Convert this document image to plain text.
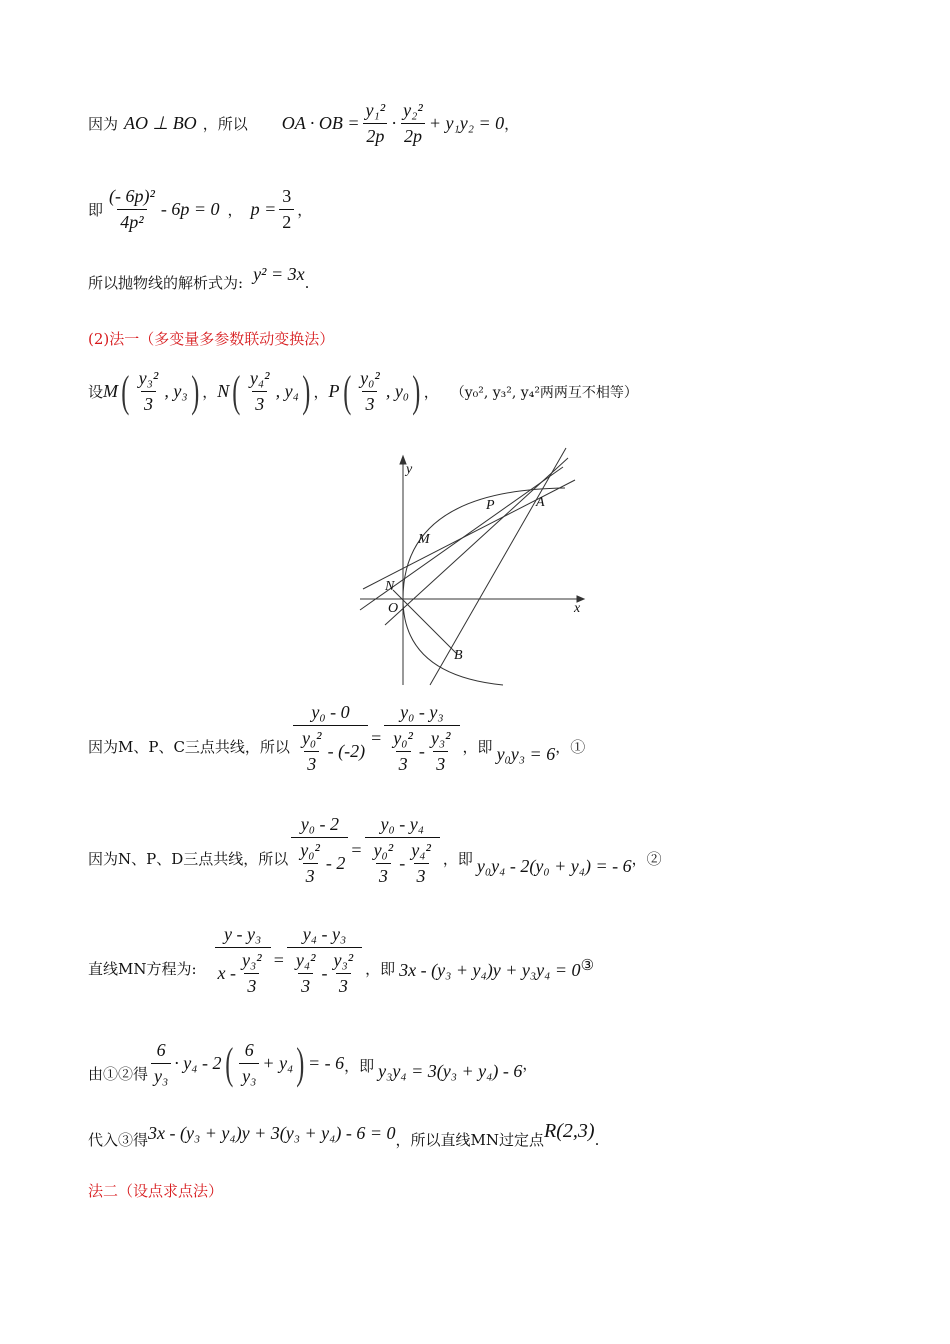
因为 AO ⊥ BO ，所以 OA · OB = $\frac{\text{y₁²}}{2p} \cdot \frac{\text{y₂²}}{2p} + y_1y_2 = 0$ ，
即 $\frac{\text{(- 6p)²}}{\text{4p²}} - 6p = 0$ ， $p = \frac{3}{2}$ ，
所以抛物线的解析式为: y² = 3x .
(2)法一（多变量多参数联动变换法）
设 M ( $\frac{\text{y₃²}}{3}$ , y₃ ) ， N ( $\frac{\text{y₄²}}{3}$ , y₄ ) ， P ( $\frac{\text{y₀²}}{3}$ , y₀ ) ， （y₀², y₃², y₄²两两互不相等）
y
x
O
N
M
P	A
B
因为M、P、C三点共线，所以 $\frac{\text{y₀ - 0}}{\frac{\text{y₀²}}{3} - (-2)} = \frac{\text{y₀ - y₃}}{\frac{\text{y₀²}}{3} - \frac{\text{y₃²}}{3}}$ ，即 y₀y₃ = 6 ，①
因为N、P、D三点共线，所以 $\frac{\text{y₀ - 2}}{\frac{\text{y₀²}}{3} - 2} = \frac{\text{y₀ - y₄}}{\frac{\text{y₀²}}{3} - \frac{\text{y₄²}}{3}}$ ，即 y₀y₄ - 2(y₀ + y₄) = - 6 ，②
直线MN方程为: $\frac{\text{y - y₃}}{x - \frac{\text{y₃²}}{3}} = \frac{\text{y₄ - y₃}}{\frac{\text{y₄²}}{3} - \frac{\text{y₃²}}{3}}$ ，即 3x - (y₃ + y₄)y + y₃y₄ = 0 ③
由①②得 $\frac{6}{\text{y₃}} \cdot y_4 - 2$ ( $\frac{6}{\text{y₃}} + y_4$ ) = - 6 ，即 y₃y₄ = 3(y₃ + y₄) - 6 ，
代入③得 3x - (y₃ + y₄)y + 3(y₃ + y₄) - 6 = 0 ，所以直线MN过定点 R(2,3) .
法二（设点求点法）
